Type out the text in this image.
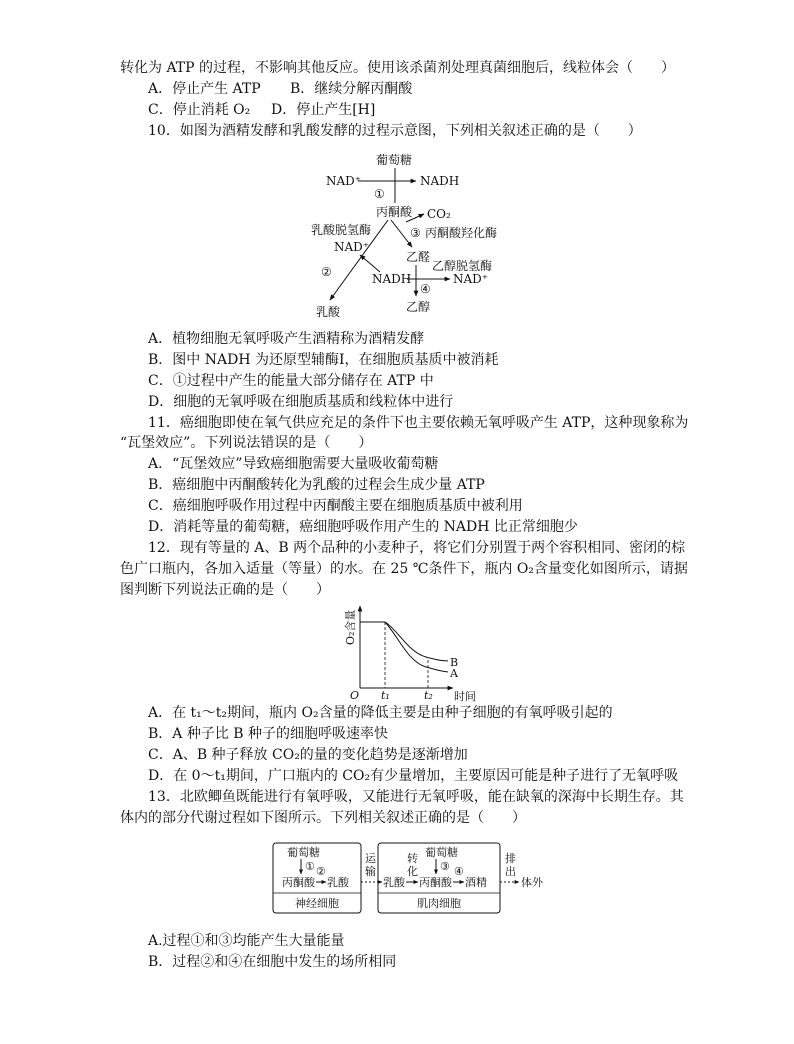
转化为 ATP 的过程，不影响其他反应。使用该杀菌剂处理真菌细胞后，线粒体会（　　）
A．停止产生 ATP B．继续分解丙酮酸
C．停止消耗 O₂ D．停止产生[H]
10．如图为酒精发酵和乳酸发酵的过程示意图，下列相关叙述正确的是（　　）
葡萄糖
NAD⁺	NADH
①
丙酮酸 CO₂
③ 丙酮酸羟化酶
乳酸脱氢酶
NAD⁺
乙醛
乙醇脱氢酶
②	NADH	NAD⁺
④
乙醇
乳酸
A．植物细胞无氧呼吸产生酒精称为酒精发酵
B．图中 NADH 为还原型辅酶Ⅰ，在细胞质基质中被消耗
C．①过程中产生的能量大部分储存在 ATP 中
D．细胞的无氧呼吸在细胞质基质和线粒体中进行
11．癌细胞即使在氧气供应充足的条件下也主要依赖无氧呼吸产生 ATP，这种现象称为
“瓦堡效应”。下列说法错误的是（　　）
A．“瓦堡效应”导致癌细胞需要大量吸收葡萄糖
B．癌细胞中丙酮酸转化为乳酸的过程会生成少量 ATP
C．癌细胞呼吸作用过程中丙酮酸主要在细胞质基质中被利用
D．消耗等量的葡萄糖，癌细胞呼吸作用产生的 NADH 比正常细胞少
12．现有等量的 A、B 两个品种的小麦种子，将它们分别置于两个容积相同、密闭的棕
色广口瓶内，各加入适量（等量）的水。在 25 ℃条件下，瓶内 O₂含量变化如图所示，请据
图判断下列说法正确的是（　　）
O₂含量
O t₁	t₂ 时间
B
A
A．在 t₁～t₂期间，瓶内 O₂含量的降低主要是由种子细胞的有氧呼吸引起的
B．A 种子比 B 种子的细胞呼吸速率快
C．A、B 种子释放 CO₂的量的变化趋势是逐渐增加
D．在 0～t₁期间，广口瓶内的 CO₂有少量增加，主要原因可能是种子进行了无氧呼吸
13．北欧鲫鱼既能进行有氧呼吸，又能进行无氧呼吸，能在缺氧的深海中长期生存。其
体内的部分代谢过程如下图所示。下列相关叙述正确的是（　　）
葡萄糖
① ②
丙酮酸 乳酸
神经细胞
运
输
乳酸
转
化
葡萄糖
③ ④
丙酮酸 酒精
肌肉细胞
排
出
体外
A.过程①和③均能产生大量能量
B．过程②和④在细胞中发生的场所相同
